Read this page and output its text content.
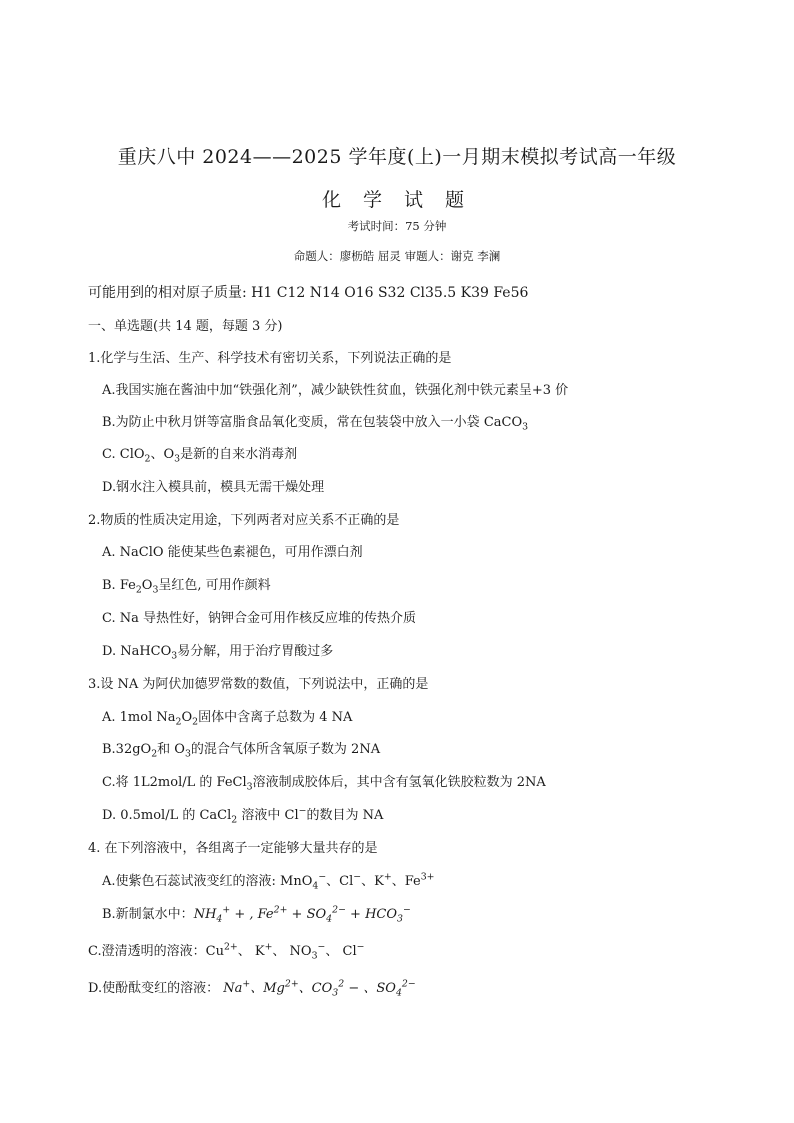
重庆八中 2024——2025 学年度(上)一月期末模拟考试高一年级
化 学 试 题
考试时间：75 分钟
命题人：廖枥皓 屈灵 审题人：谢克 李澜
可能用到的相对原子质量: H1 C12 N14 O16 S32 Cl35.5 K39 Fe56
一、单选题(共 14 题，每题 3 分)
1.化学与生活、生产、科学技术有密切关系，下列说法正确的是
A.我国实施在酱油中加“铁强化剂”，减少缺铁性贫血，铁强化剂中铁元素呈+3 价
B.为防止中秋月饼等富脂食品氧化变质，常在包装袋中放入一小袋 CaCO$_3$
C. ClO$_2$、$O_3$是新的自来水消毒剂
D.钢水注入模具前，模具无需干燥处理
2.物质的性质决定用途，下列两者对应关系不正确的是
A. NaClO 能使某些色素褪色，可用作漂白剂
B. $Fe_2O_3$呈红色, 可用作颜料
C. Na 导热性好，钠钾合金可用作核反应堆的传热介质
D. NaHCO$_3$易分解，用于治疗胃酸过多
3.设 NA 为阿伏加德罗常数的数值，下列说法中，正确的是
A. 1mol $Na_2O_2$固体中含离子总数为 4 NA
$B.32gO_2$和 $O_3$的混合气体所含氧原子数为 2NA
C.将 1L2mol/L 的 FeCl$_3$溶液制成胶体后，其中含有氢氧化铁胶粒数为 2NA
D. 0.5mol/L 的 CaCl$_2$ 溶液中 Cl−的数目为 NA
4. 在下列溶液中，各组离子一定能够大量共存的是
A.使紫色石蕊试液变红的溶液: MnO$_4$−、Cl−、K+、$Fe^{3+}$
B.新制氯水中：$NH_4^+$ + , $Fe^{2+} + SO_4^{2-} + HCO_3^-$
C.澄清透明的溶液：$Cu^{2+}$、 K+、 $NO_3^-$、 Cl−
D.使酚酞变红的溶液： Na+、$Mg^{2+}$、$CO_3^2$ − 、$SO_4^{2-}$
